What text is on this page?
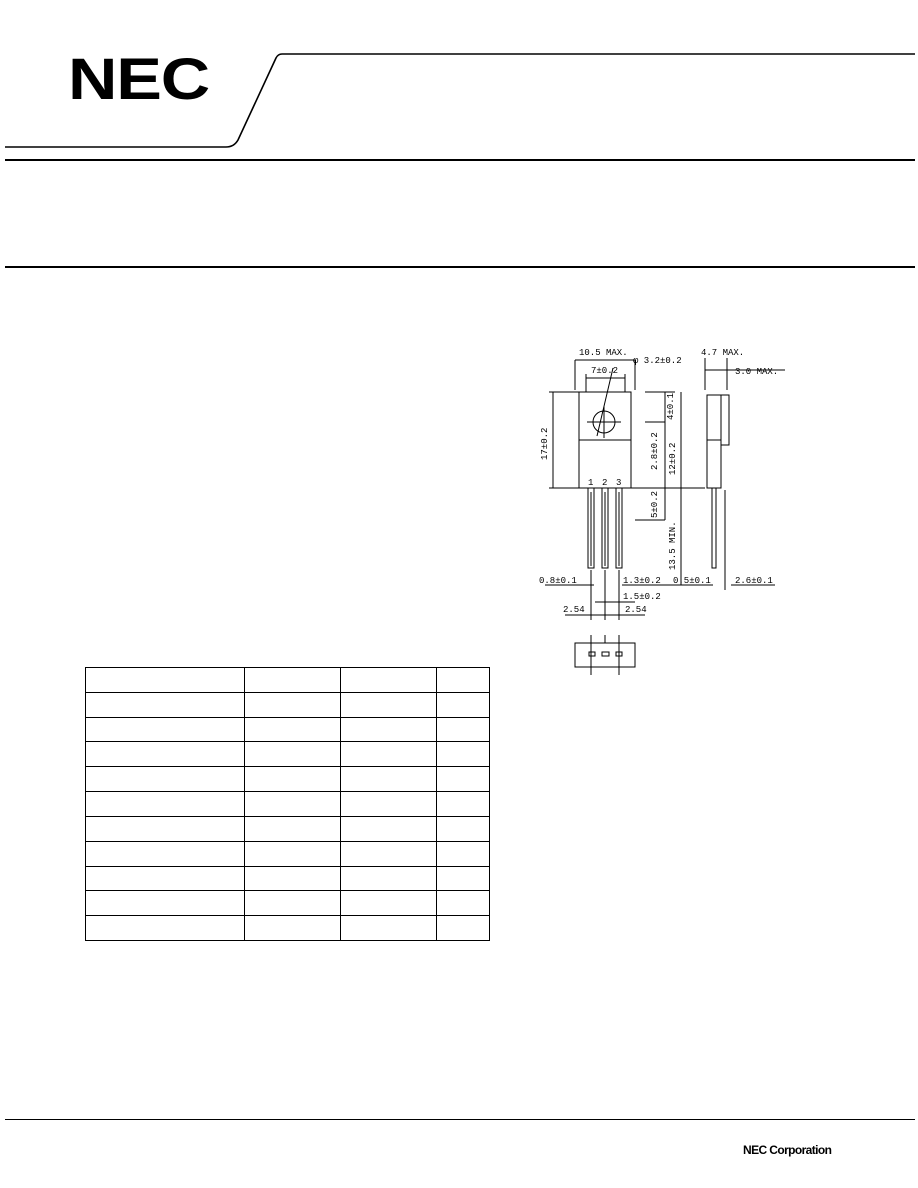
NEC
10.5 MAX.
φ 3.2±0.2
7±0.2
4.7 MAX.
3.0 MAX.
17±0.2
4±0.1
2.8±0.2 12±0.2
5±0.2
13.5 MIN.
0.8±0.1	1.3±0.2
1.5±0.2
2.54	2.54
0.5±0.1	2.6±0.1
1 2 3

NEC Corporation
